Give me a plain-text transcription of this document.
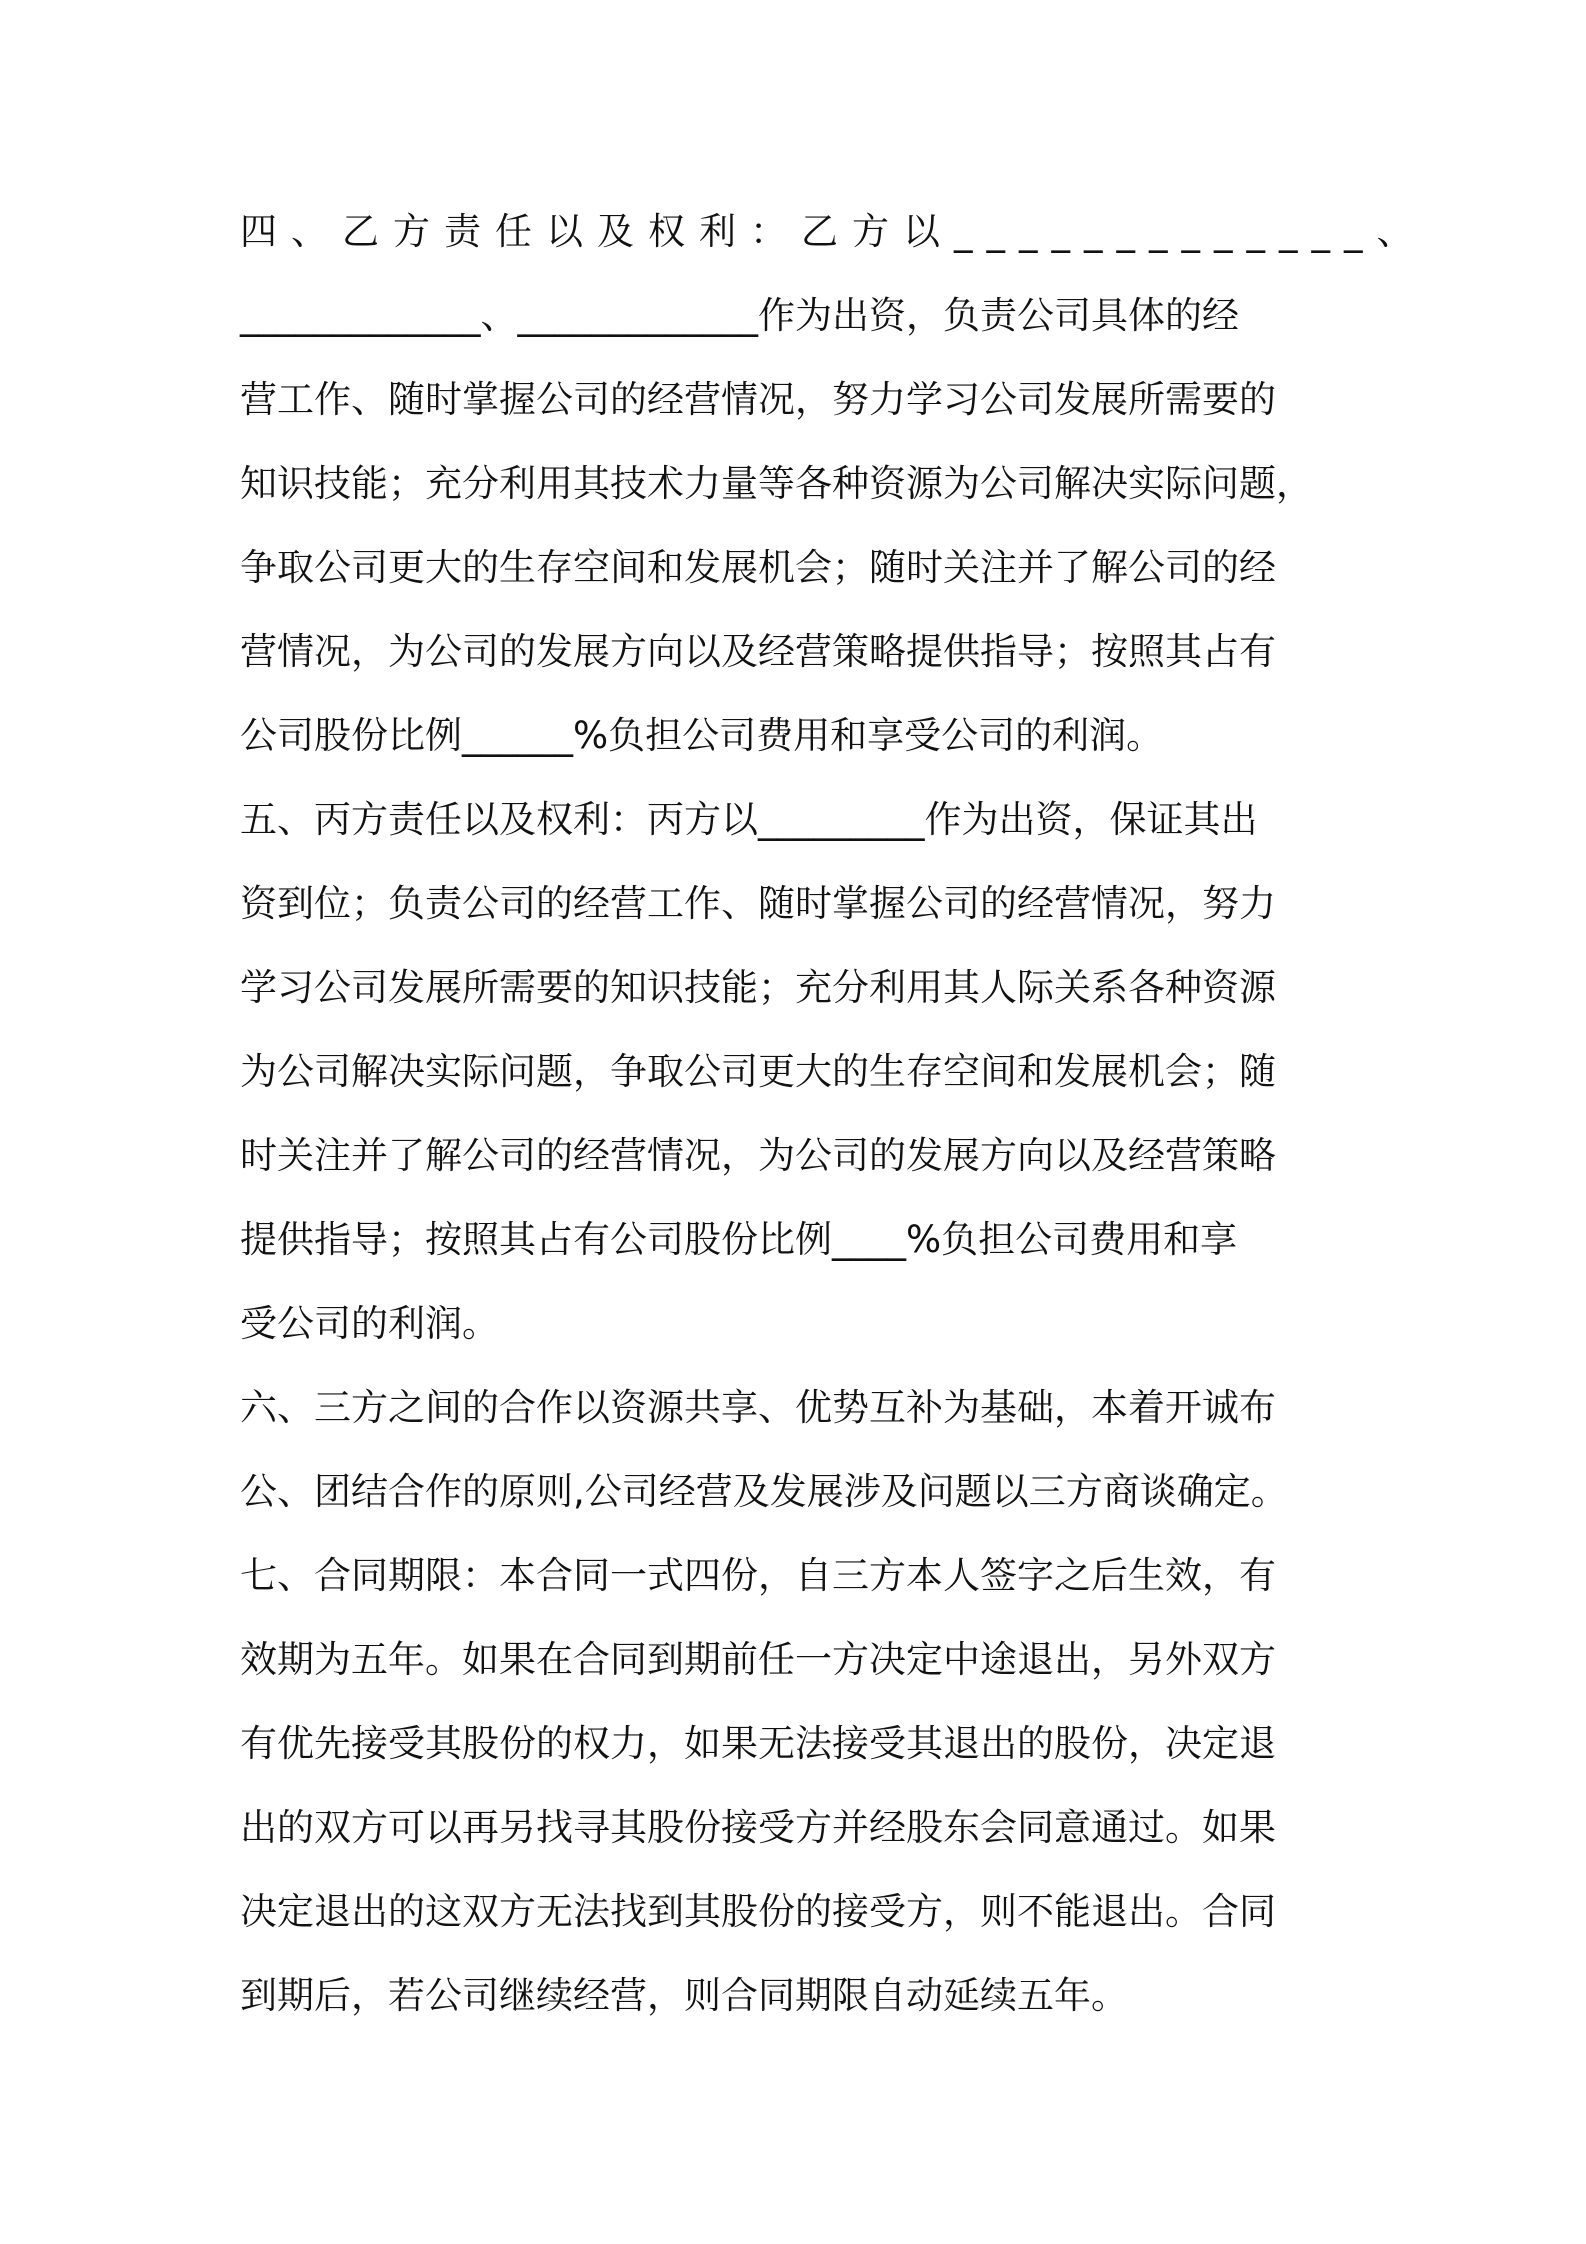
四、乙方责任以及权利：乙方以_____________、
_____________、_____________作为出资，负责公司具体的经
营工作、随时掌握公司的经营情况，努力学习公司发展所需要的
知识技能；充分利用其技术力量等各种资源为公司解决实际问题，
争取公司更大的生存空间和发展机会；随时关注并了解公司的经
营情况，为公司的发展方向以及经营策略提供指导；按照其占有
公司股份比例______%负担公司费用和享受公司的利润。
五、丙方责任以及权利：丙方以_________作为出资，保证其出
资到位；负责公司的经营工作、随时掌握公司的经营情况，努力
学习公司发展所需要的知识技能；充分利用其人际关系各种资源
为公司解决实际问题，争取公司更大的生存空间和发展机会；随
时关注并了解公司的经营情况，为公司的发展方向以及经营策略
提供指导；按照其占有公司股份比例____%负担公司费用和享
受公司的利润。
六、三方之间的合作以资源共享、优势互补为基础，本着开诚布
公、团结合作的原则,公司经营及发展涉及问题以三方商谈确定。
七、合同期限：本合同一式四份，自三方本人签字之后生效，有
效期为五年。如果在合同到期前任一方决定中途退出，另外双方
有优先接受其股份的权力，如果无法接受其退出的股份，决定退
出的双方可以再另找寻其股份接受方并经股东会同意通过。如果
决定退出的这双方无法找到其股份的接受方，则不能退出。合同
到期后，若公司继续经营，则合同期限自动延续五年。
